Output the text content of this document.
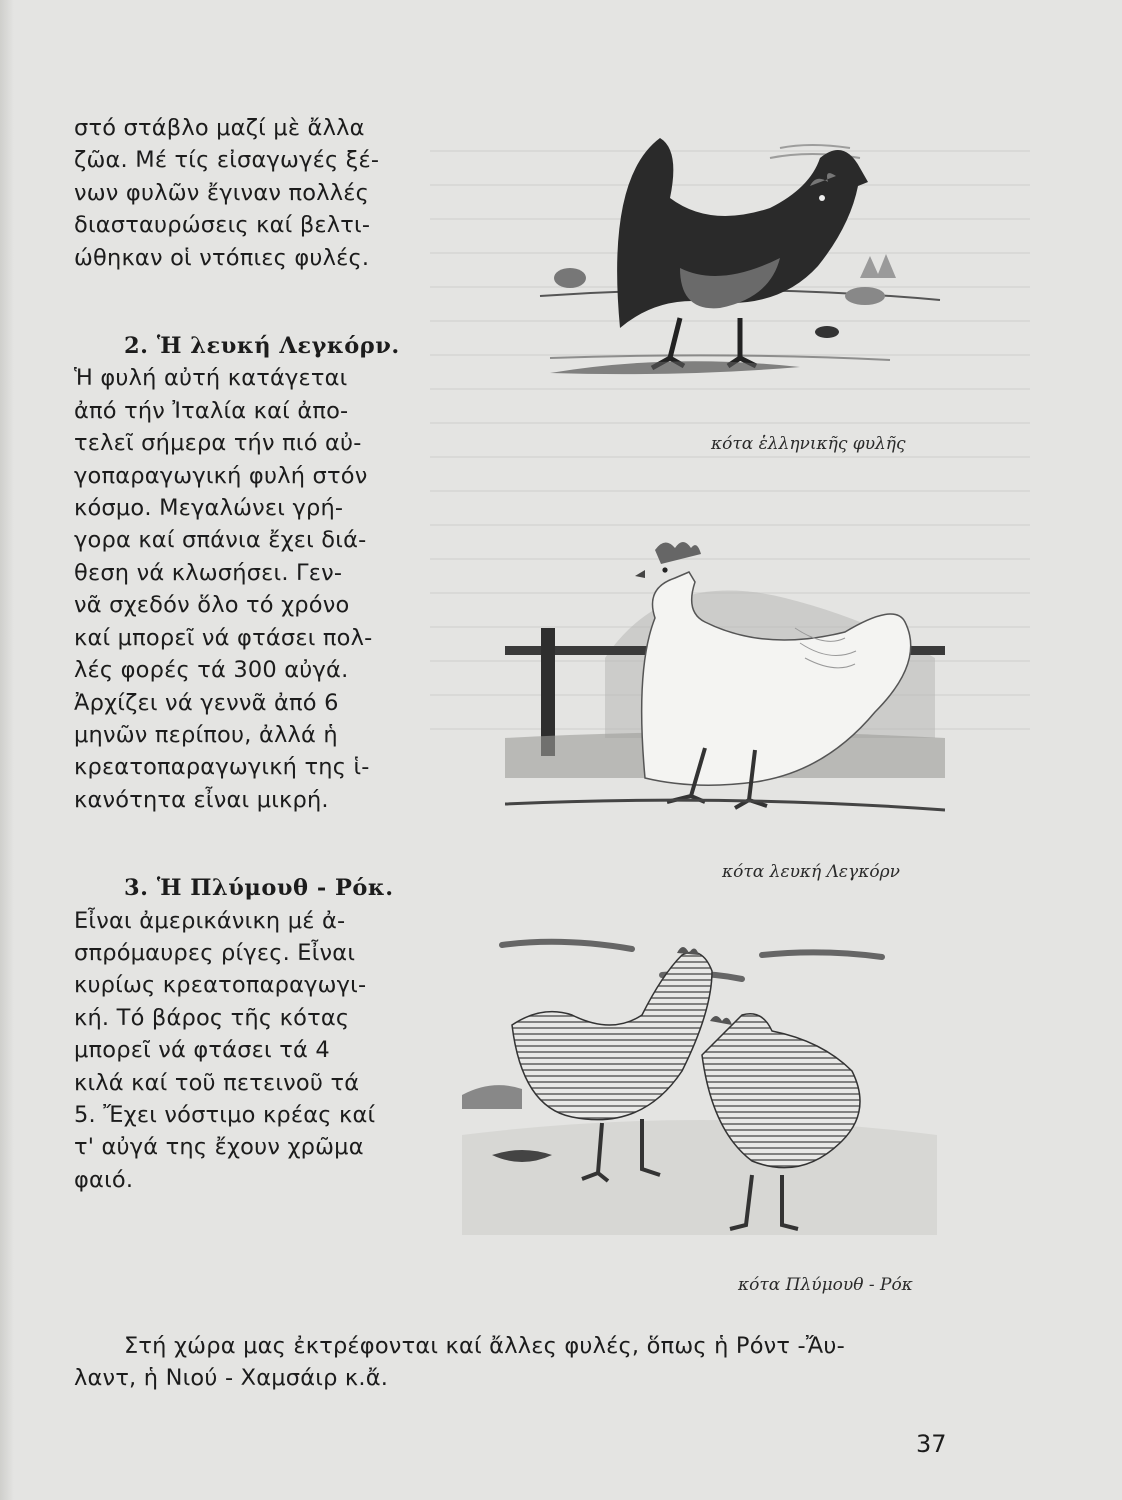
στό στάβλο μαζί μὲ ἄλλα

ζῶα. Μέ τίς εἰσαγωγές ξέ-

νων φυλῶν ἔγιναν πολλές

διασταυρώσεις καί βελτι-

ώθηκαν οἱ ντόπιες φυλές.

2. Ἡ λευκή Λεγκόρν.

Ἡ φυλή αὐτή κατάγεται

ἀπό τήν Ἰταλία καί ἀπο-

τελεῖ σήμερα τήν πιό αὐ-

γοπαραγωγική φυλή στόν

κόσμο. Μεγαλώνει γρή-

γορα καί σπάνια ἔχει διά-

θεση νά κλωσήσει. Γεν-

νᾶ σχεδόν ὅλο τό χρόνο

καί μπορεῖ νά φτάσει πολ-

λές φορές τά 300 αὐγά.

Ἀρχίζει νά γεννᾶ ἀπό 6

μηνῶν περίπου, ἀλλά ἡ

κρεατοπαραγωγική της ἱ-

κανότητα εἶναι μικρή.

3. Ἡ Πλύμουθ - Ρόκ.

Εἶναι ἀμερικάνικη μέ ἀ-

σπρόμαυρες ρίγες. Εἶναι

κυρίως κρεατοπαραγωγι-

κή. Τό βάρος τῆς κότας

μπορεῖ νά φτάσει τά 4

κιλά καί τοῦ πετεινοῦ τά

5. Ἔχει νόστιμο κρέας καί

τ' αὐγά της ἔχουν χρῶμα

φαιό.

κότα ἑλληνικῆς φυλῆς
κότα λευκή Λεγκόρν
κότα Πλύμουθ - Ρόκ

Στή χώρα μας ἐκτρέφονται καί ἄλλες φυλές, ὅπως ἡ Ρόντ -Ἄυ-

λαντ, ἡ Νιού - Χαμσάιρ κ.ἄ.

37
